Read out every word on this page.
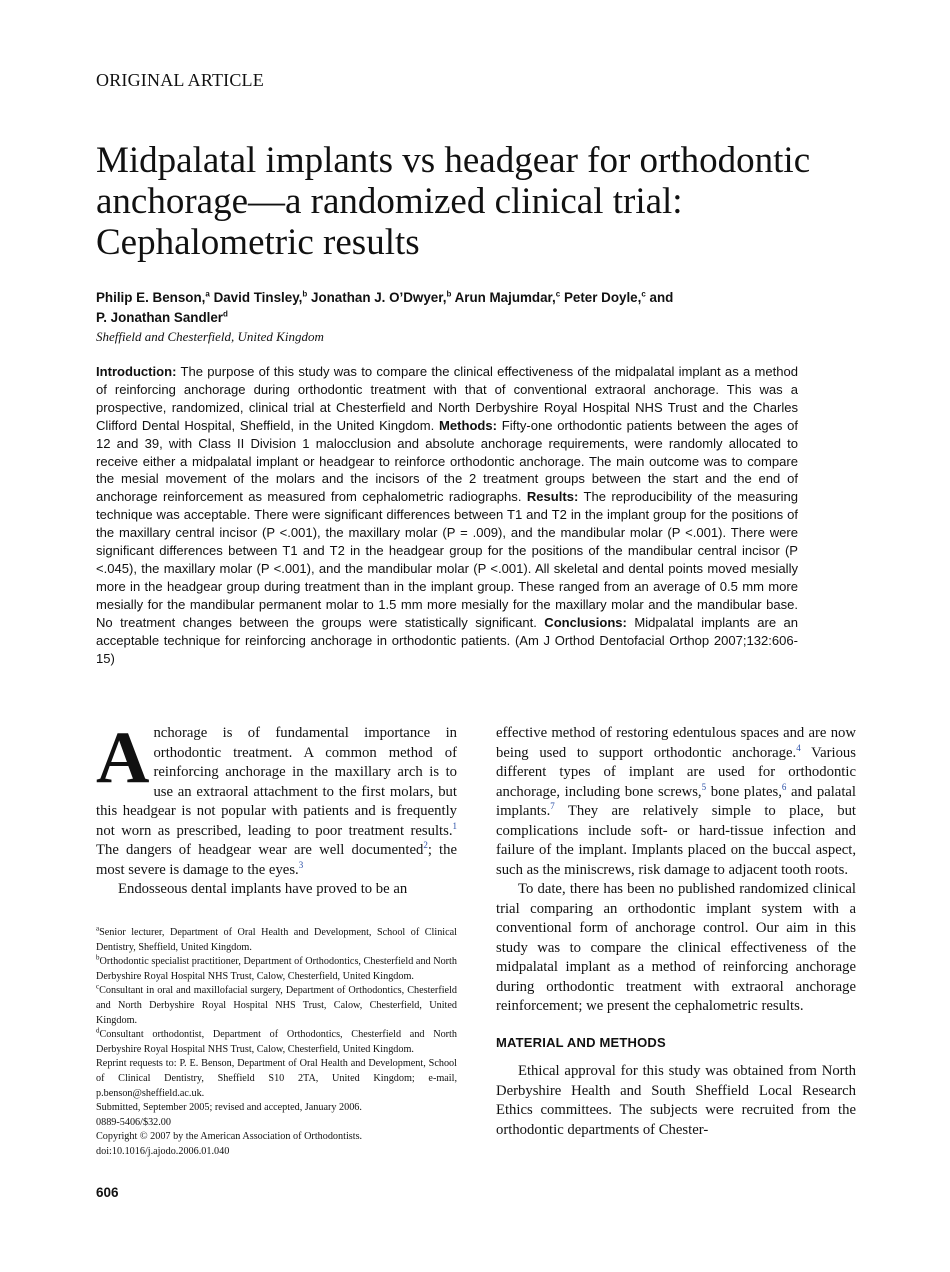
ORIGINAL ARTICLE
Midpalatal implants vs headgear for orthodontic anchorage—a randomized clinical trial: Cephalometric results
Philip E. Benson,$^a$ David Tinsley,$^b$ Jonathan J. O’Dwyer,$^b$ Arun Majumdar,$^c$ Peter Doyle,$^c$ and
P. Jonathan Sandler$^d$
Sheffield and Chesterfield, United Kingdom
Introduction: The purpose of this study was to compare the clinical effectiveness of the midpalatal implant as a method of reinforcing anchorage during orthodontic treatment with that of conventional extraoral anchorage. This was a prospective, randomized, clinical trial at Chesterfield and North Derbyshire Royal Hospital NHS Trust and the Charles Clifford Dental Hospital, Sheffield, in the United Kingdom. Methods: Fifty-one orthodontic patients between the ages of 12 and 39, with Class II Division 1 malocclusion and absolute anchorage requirements, were randomly allocated to receive either a midpalatal implant or headgear to reinforce orthodontic anchorage. The main outcome was to compare the mesial movement of the molars and the incisors of the 2 treatment groups between the start and the end of anchorage reinforcement as measured from cephalometric radiographs. Results: The reproducibility of the measuring technique was acceptable. There were significant differences between T1 and T2 in the implant group for the positions of the maxillary central incisor (P <.001), the maxillary molar (P = .009), and the mandibular molar (P <.001). There were significant differences between T1 and T2 in the headgear group for the positions of the mandibular central incisor (P <.045), the maxillary molar (P <.001), and the mandibular molar (P <.001). All skeletal and dental points moved mesially more in the headgear group during treatment than in the implant group. These ranged from an average of 0.5 mm more mesially for the mandibular permanent molar to 1.5 mm more mesially for the maxillary molar and the mandibular base. No treatment changes between the groups were statistically significant. Conclusions: Midpalatal implants are an acceptable technique for reinforcing anchorage in orthodontic patients. (Am J Orthod Dentofacial Orthop 2007;132:606-15)

Anchorage is of fundamental importance in orthodontic treatment. A common method of reinforcing anchorage in the maxillary arch is to use an extraoral attachment to the first molars, but this headgear is not popular with patients and is frequently not worn as prescribed, leading to poor treatment results.$^1$ The dangers of headgear wear are well documented$^2$; the most severe is damage to the eyes.$^3$

Endosseous dental implants have proved to be an

$^a$Senior lecturer, Department of Oral Health and Development, School of Clinical Dentistry, Sheffield, United Kingdom.

$^b$Orthodontic specialist practitioner, Department of Orthodontics, Chesterfield and North Derbyshire Royal Hospital NHS Trust, Calow, Chesterfield, United Kingdom.

$^c$Consultant in oral and maxillofacial surgery, Department of Orthodontics, Chesterfield and North Derbyshire Royal Hospital NHS Trust, Calow, Chesterfield, United Kingdom.

$^d$Consultant orthodontist, Department of Orthodontics, Chesterfield and North Derbyshire Royal Hospital NHS Trust, Calow, Chesterfield, United Kingdom.

Reprint requests to: P. E. Benson, Department of Oral Health and Development, School of Clinical Dentistry, Sheffield S10 2TA, United Kingdom; e-mail, p.benson@sheffield.ac.uk.

Submitted, September 2005; revised and accepted, January 2006.

0889-5406/$32.00

Copyright © 2007 by the American Association of Orthodontists.

doi:10.1016/j.ajodo.2006.01.040

effective method of restoring edentulous spaces and are now being used to support orthodontic anchorage.$^4$ Various different types of implant are used for orthodontic anchorage, including bone screws,$^5$ bone plates,$^6$ and palatal implants.$^7$ They are relatively simple to place, but complications include soft- or hard-tissue infection and failure of the implant. Implants placed on the buccal aspect, such as the miniscrews, risk damage to adjacent tooth roots.

To date, there has been no published randomized clinical trial comparing an orthodontic implant system with a conventional form of anchorage control. Our aim in this study was to compare the clinical effectiveness of the midpalatal implant as a method of reinforcing anchorage during orthodontic treatment with extraoral anchorage reinforcement; we present the cephalometric results.

MATERIAL AND METHODS

Ethical approval for this study was obtained from North Derbyshire Health and South Sheffield Local Research Ethics committees. The subjects were recruited from the orthodontic departments of Chester-

606
